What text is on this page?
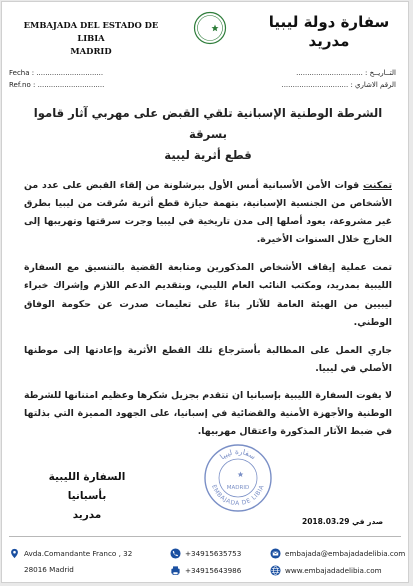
EMBAJADA DEL ESTADO DE LIBIA
MADRID
سفارة دولة ليبيا
مدريد
Fecha : ..............................
Ref.no : ..............................
التــاريــخ : ..............................
الرقم الاشاري : ..............................

الشرطة الوطنية الإسبانية تلقي القبض على مهربي آثار قاموا بسرقة
قطع أثرية ليبية

تمكنت قوات الأمن الأسبانية أمس الأول ببرشلونة من إلقاء القبض على عدد من الأشخاص من الجنسية الإسبانية، بتهمة حيازة قطع أثرية سُرقت من ليبيا بطرق غير مشروعة، يعود أصلها إلى مدن تاريخية في ليبيا وجرت سرقتها وتهريبها إلى الخارج خلال السنوات الأخيرة.

تمت عملية إيقاف الأشخاص المذكورين ومتابعة القضية بالتنسيق مع السفارة الليبية بمدريد، ومكتب النائب العام الليبي، وبتقديم الدعم اللازم وإشراك خبراء ليبيين من الهيئة العامة للآثار بناءً على تعليمات صدرت عن حكومة الوفاق الوطني.

جاري العمل على المطالبة بأسترجاع تلك القطع الأثرية وإعادتها إلى موطنها الأصلي في ليبيا.

لا يفوت السفارة الليبية بإسبانيا ان تتقدم بجزيل شكرها وعظيم امتنانها للشرطة الوطنية والأجهزة الأمنية والقضائية في إسبانيا، على الجهود المميزة التي بذلتها في ضبط الآثار المذكورة واعتقال مهربيها.

سفارة ليبيا
EMBAJADA DE LIBIA
MADRID
السفارة الليبية بأسبانيا
مدريد
2018.03.29 صدر في
Avda.Comandante Franco , 32
28016 Madrid
+34915635753
+34915643986
embajada@embajadadelibia.com
www.embajadadelibia.com
